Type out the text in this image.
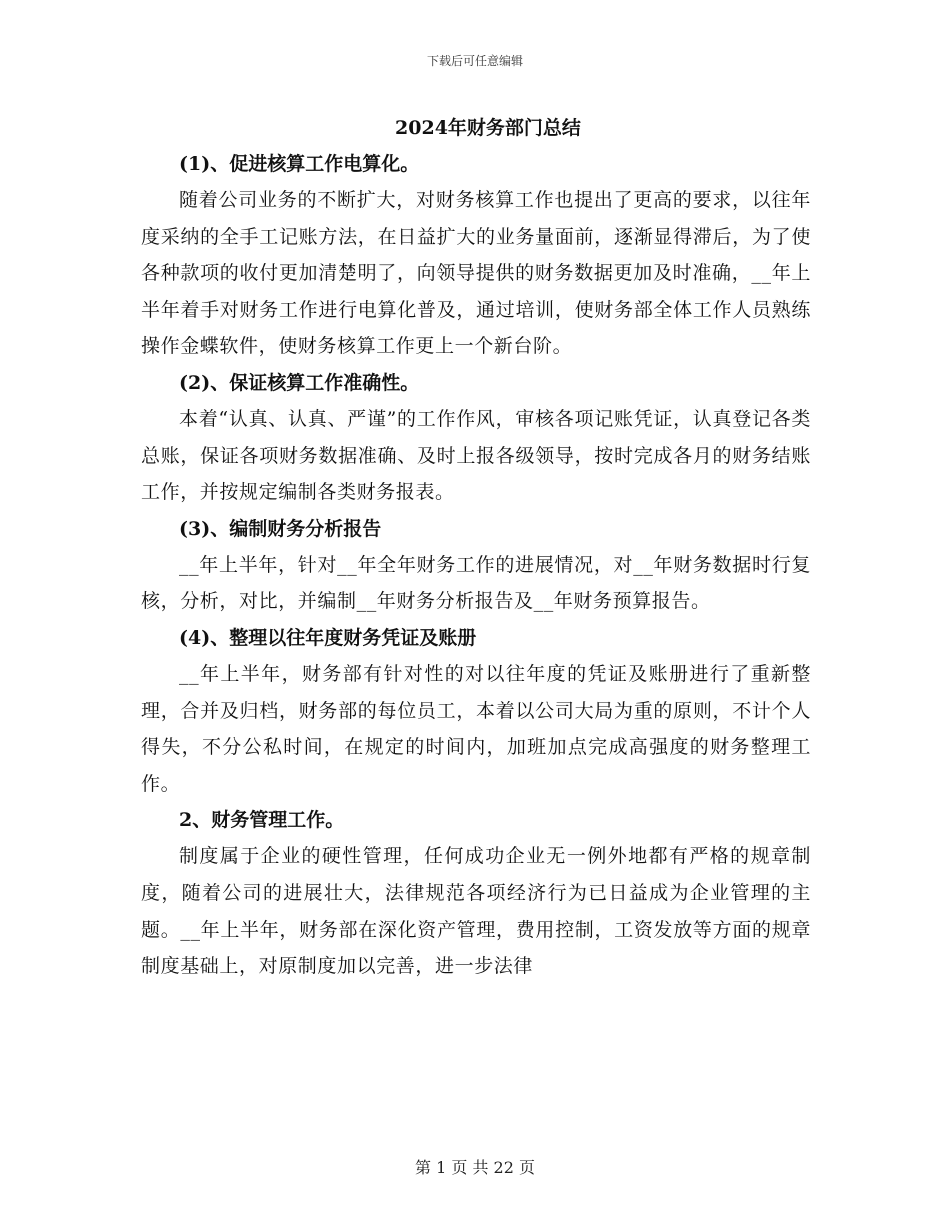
下载后可任意编辑
2024年财务部门总结
(1)、促进核算工作电算化。

随着公司业务的不断扩大，对财务核算工作也提出了更高的要求，以往年度采纳的全手工记账方法，在日益扩大的业务量面前，逐渐显得滞后，为了使各种款项的收付更加清楚明了，向领导提供的财务数据更加及时准确，__年上半年着手对财务工作进行电算化普及，通过培训，使财务部全体工作人员熟练操作金蝶软件，使财务核算工作更上一个新台阶。

(2)、保证核算工作准确性。

本着“认真、认真、严谨”的工作作风，审核各项记账凭证，认真登记各类总账，保证各项财务数据准确、及时上报各级领导，按时完成各月的财务结账工作，并按规定编制各类财务报表。

(3)、编制财务分析报告

__年上半年，针对__年全年财务工作的进展情况，对__年财务数据时行复核，分析，对比，并编制__年财务分析报告及__年财务预算报告。

(4)、整理以往年度财务凭证及账册

__年上半年，财务部有针对性的对以往年度的凭证及账册进行了重新整理，合并及归档，财务部的每位员工，本着以公司大局为重的原则，不计个人得失，不分公私时间，在规定的时间内，加班加点完成高强度的财务整理工作。

2、财务管理工作。

制度属于企业的硬性管理，任何成功企业无一例外地都有严格的规章制度，随着公司的进展壮大，法律规范各项经济行为已日益成为企业管理的主题。__年上半年，财务部在深化资产管理，费用控制，工资发放等方面的规章制度基础上，对原制度加以完善，进一步法律

第 1 页 共 22 页
